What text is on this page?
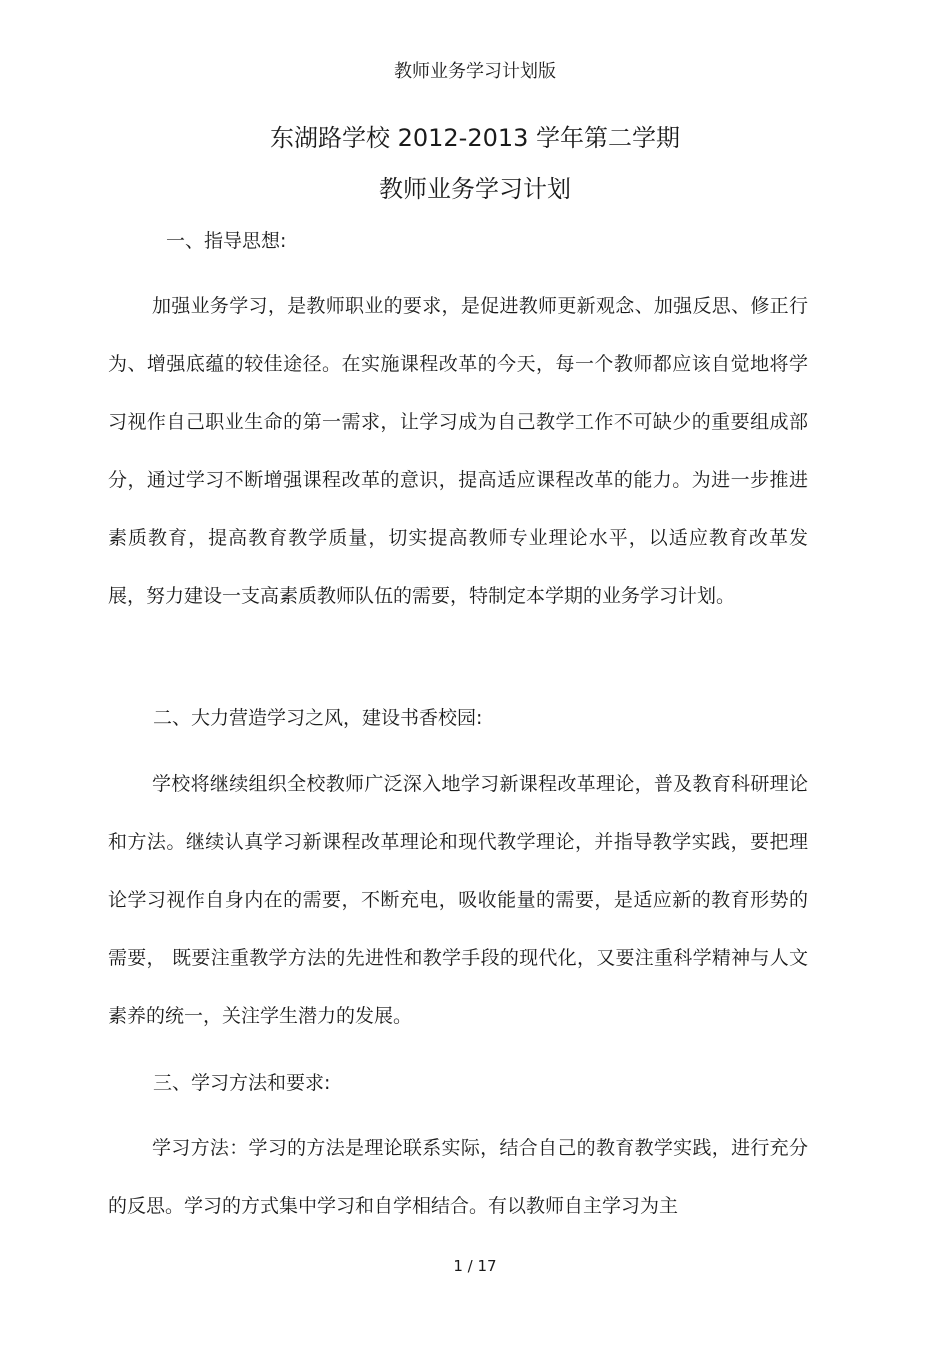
教师业务学习计划版
东湖路学校 2012-2013 学年第二学期
教师业务学习计划
一、指导思想:

加强业务学习，是教师职业的要求，是促进教师更新观念、加强反思、修正行为、增强底蕴的较佳途径。在实施课程改革的今天，每一个教师都应该自觉地将学习视作自己职业生命的第一需求，让学习成为自己教学工作不可缺少的重要组成部分，通过学习不断增强课程改革的意识，提高适应课程改革的能力。为进一步推进素质教育，提高教育教学质量，切实提高教师专业理论水平，以适应教育改革发展，努力建设一支高素质教师队伍的需要，特制定本学期的业务学习计划。

二、大力营造学习之风，建设书香校园:

学校将继续组织全校教师广泛深入地学习新课程改革理论，普及教育科研理论和方法。继续认真学习新课程改革理论和现代教学理论，并指导教学实践，要把理论学习视作自身内在的需要，不断充电，吸收能量的需要，是适应新的教育形势的需要， 既要注重教学方法的先进性和教学手段的现代化，又要注重科学精神与人文素养的统一，关注学生潜力的发展。

三、学习方法和要求:

学习方法：学习的方法是理论联系实际，结合自己的教育教学实践，进行充分的反思。学习的方式集中学习和自学相结合。有以教师自主学习为主

1 / 17
